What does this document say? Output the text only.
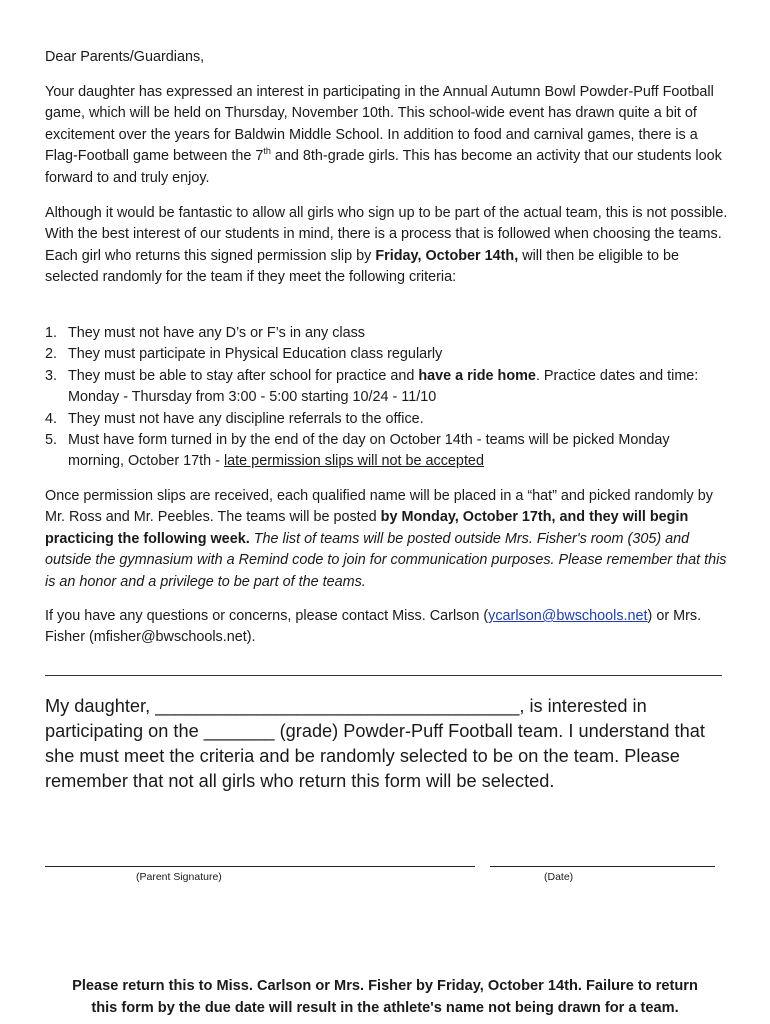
Dear Parents/Guardians,
Your daughter has expressed an interest in participating in the Annual Autumn Bowl Powder-Puff Football game, which will be held on Thursday, November 10th. This school-wide event has drawn quite a bit of excitement over the years for Baldwin Middle School. In addition to food and carnival games, there is a Flag-Football game between the 7th and 8th-grade girls. This has become an activity that our students look forward to and truly enjoy.
Although it would be fantastic to allow all girls who sign up to be part of the actual team, this is not possible. With the best interest of our students in mind, there is a process that is followed when choosing the teams. Each girl who returns this signed permission slip by Friday, October 14th, will then be eligible to be selected randomly for the team if they meet the following criteria:
1. They must not have any D’s or F’s in any class
2. They must participate in Physical Education class regularly
3. They must be able to stay after school for practice and have a ride home. Practice dates and time: Monday - Thursday from 3:00 - 5:00 starting 10/24 - 11/10
4. They must not have any discipline referrals to the office.
5. Must have form turned in by the end of the day on October 14th - teams will be picked Monday morning, October 17th - late permission slips will not be accepted
Once permission slips are received, each qualified name will be placed in a “hat” and picked randomly by Mr. Ross and Mr. Peebles. The teams will be posted by Monday, October 17th, and they will begin practicing the following week. The list of teams will be posted outside Mrs. Fisher's room (305) and outside the gymnasium with a Remind code to join for communication purposes. Please remember that this is an honor and a privilege to be part of the teams.
If you have any questions or concerns, please contact Miss. Carlson (ycarlson@bwschools.net) or Mrs. Fisher (mfisher@bwschools.net).
My daughter, ____________________________________, is interested in
participating on the _______ (grade) Powder-Puff Football team. I understand that
she must meet the criteria and be randomly selected to be on the team. Please
remember that not all girls who return this form will be selected.
(Parent Signature)	(Date)
Please return this to Miss. Carlson or Mrs. Fisher by Friday, October 14th. Failure to return
this form by the due date will result in the athlete's name not being drawn for a team.
